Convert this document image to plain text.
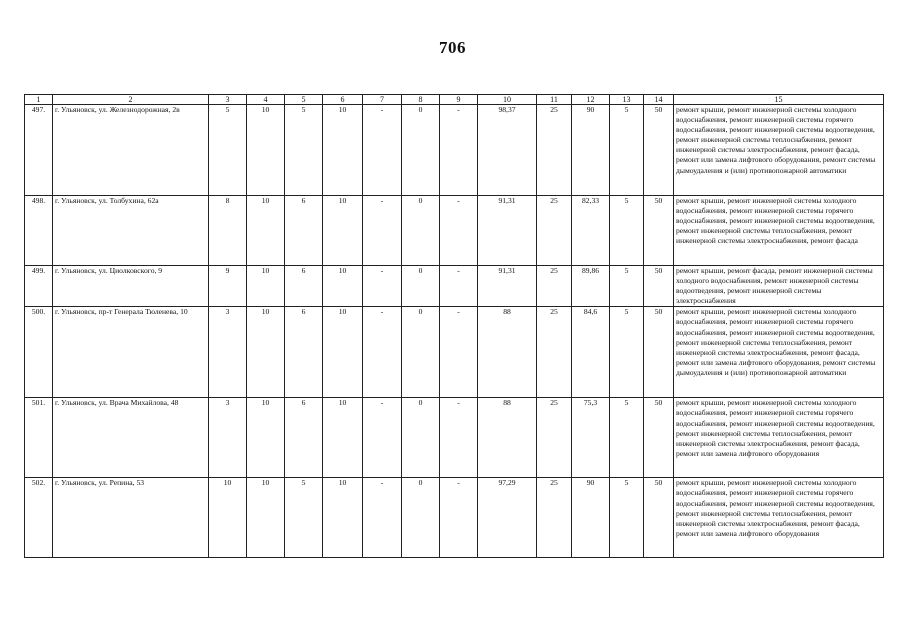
706
1	2	3	4	5	6	7	8	9	10	11	12	13	14	15
497.	г. Ульяновск, ул. Железнодорожная, 2в	5	10	5	10	-	0	-	98,37	25	90	5	50	ремонт крыши, ремонт инженерной системы холодного водоснабжения, ремонт инженерной системы горячего водоснабжения, ремонт инженерной системы водоотведения, ремонт инженерной системы теплоснабжения, ремонт инженерной системы электроснабжения, ремонт фасада, ремонт или замена лифтового оборудования, ремонт системы дымоудаления и (или) противопожарной автоматики
498.	г. Ульяновск, ул. Толбухина, 62а	8	10	6	10	-	0	-	91,31	25	82,33	5	50	ремонт крыши, ремонт инженерной системы холодного водоснабжения, ремонт инженерной системы горячего водоснабжения, ремонт инженерной системы водоотведения, ремонт инженерной системы теплоснабжения, ремонт инженерной системы электроснабжения, ремонт фасада
499.	г. Ульяновск, ул. Циолковского, 9	9	10	6	10	-	0	-	91,31	25	89,86	5	50	ремонт крыши, ремонт фасада, ремонт инженерной системы холодного водоснабжения, ремонт инженерной системы водоотведения, ремонт инженерной системы электроснабжения
500.	г. Ульяновск, пр-т Генерала Тюленева, 10	3	10	6	10	-	0	-	88	25	84,6	5	50	ремонт крыши, ремонт инженерной системы холодного водоснабжения, ремонт инженерной системы горячего водоснабжения, ремонт инженерной системы водоотведения, ремонт инженерной системы теплоснабжения, ремонт инженерной системы электроснабжения, ремонт фасада, ремонт или замена лифтового оборудования, ремонт системы дымоудаления и (или) противопожарной автоматики
501.	г. Ульяновск, ул. Врача Михайлова, 48	3	10	6	10	-	0	-	88	25	75,3	5	50	ремонт крыши, ремонт инженерной системы холодного водоснабжения, ремонт инженерной системы горячего водоснабжения, ремонт инженерной системы водоотведения, ремонт инженерной системы теплоснабжения, ремонт инженерной системы электроснабжения, ремонт фасада, ремонт или замена лифтового оборудования
502.	г. Ульяновск, ул. Репина, 53	10	10	5	10	-	0	-	97,29	25	90	5	50	ремонт крыши, ремонт инженерной системы холодного водоснабжения, ремонт инженерной системы горячего водоснабжения, ремонт инженерной системы водоотведения, ремонт инженерной системы теплоснабжения, ремонт инженерной системы электроснабжения, ремонт фасада, ремонт или замена лифтового оборудования
